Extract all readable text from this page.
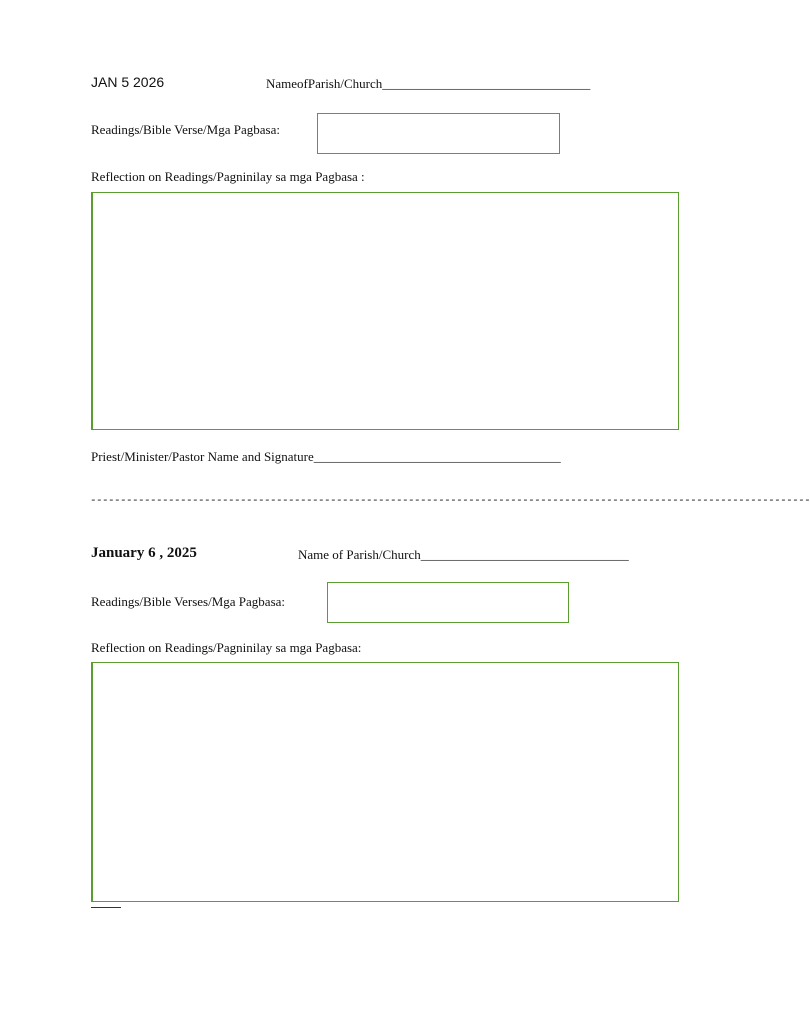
JAN 5 2026	NameofParish/Church________________________________
Readings/Bible Verse/Mga Pagbasa:
Reflection on Readings/Pagninilay sa mga Pagbasa :
Priest/Minister/Pastor Name and Signature______________________________________
------------------------------------------------------------------------------------------------------------------------
January 6 , 2025	Name of Parish/Church________________________________
Readings/Bible Verses/Mga Pagbasa:
Reflection on Readings/Pagninilay sa mga Pagbasa:
